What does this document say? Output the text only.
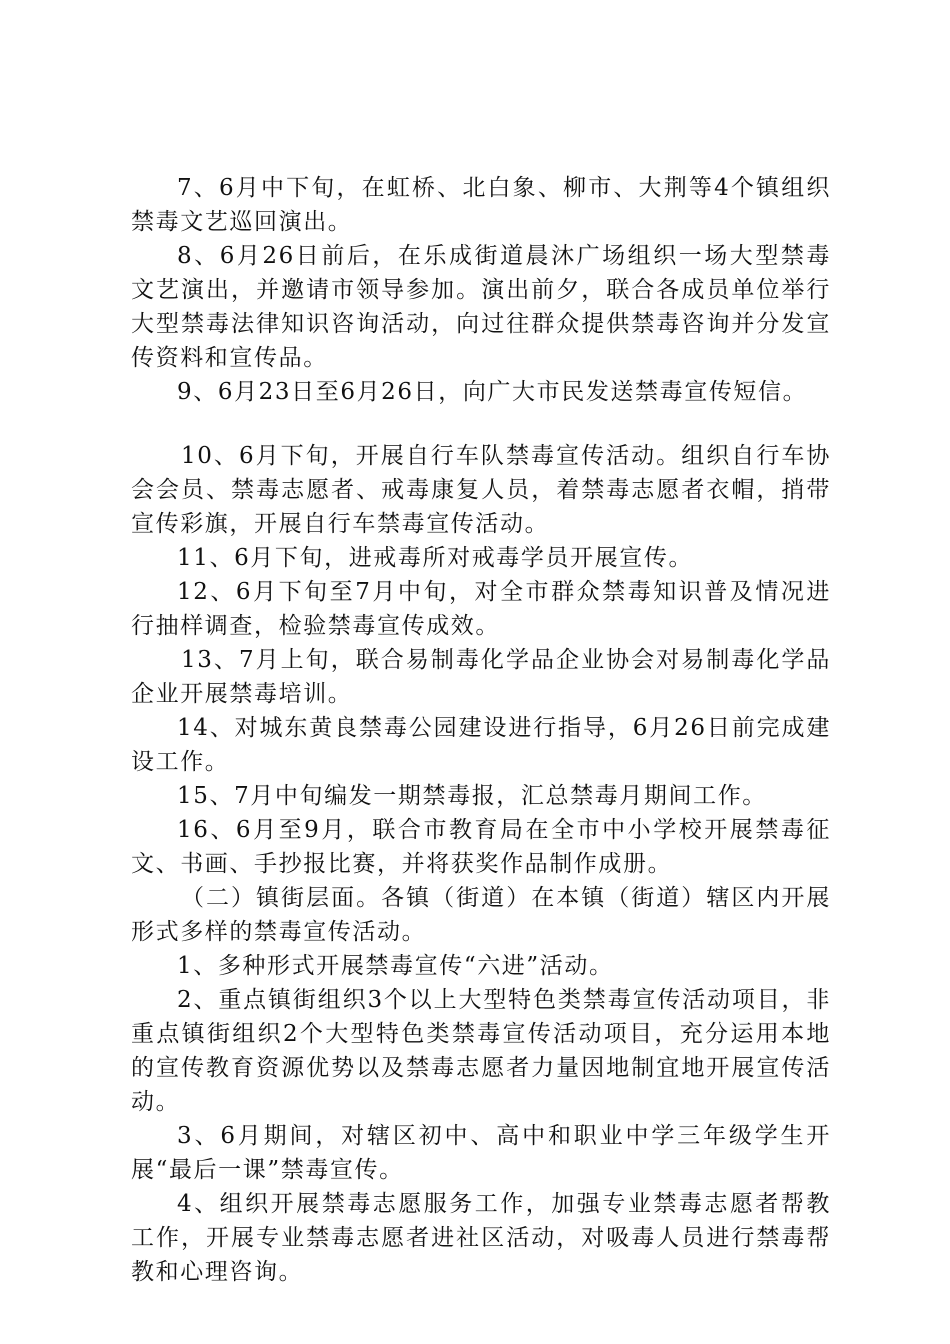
7、6月中下旬，在虹桥、北白象、柳市、大荆等4个镇组织禁毒文艺巡回演出。

8、6月26日前后，在乐成街道晨沐广场组织一场大型禁毒文艺演出，并邀请市领导参加。演出前夕，联合各成员单位举行大型禁毒法律知识咨询活动，向过往群众提供禁毒咨询并分发宣传资料和宣传品。

9、6月23日至6月26日，向广大市民发送禁毒宣传短信。

10、6月下旬，开展自行车队禁毒宣传活动。组织自行车协会会员、禁毒志愿者、戒毒康复人员，着禁毒志愿者衣帽，捎带宣传彩旗，开展自行车禁毒宣传活动。

11、6月下旬，进戒毒所对戒毒学员开展宣传。

12、6月下旬至7月中旬，对全市群众禁毒知识普及情况进行抽样调查，检验禁毒宣传成效。

13、7月上旬，联合易制毒化学品企业协会对易制毒化学品企业开展禁毒培训。

14、对城东黄良禁毒公园建设进行指导，6月26日前完成建设工作。

15、7月中旬编发一期禁毒报，汇总禁毒月期间工作。

16、6月至9月，联合市教育局在全市中小学校开展禁毒征文、书画、手抄报比赛，并将获奖作品制作成册。

（二）镇街层面。各镇（街道）在本镇（街道）辖区内开展形式多样的禁毒宣传活动。

1、多种形式开展禁毒宣传“六进”活动。

2、重点镇街组织3个以上大型特色类禁毒宣传活动项目，非重点镇街组织2个大型特色类禁毒宣传活动项目，充分运用本地的宣传教育资源优势以及禁毒志愿者力量因地制宜地开展宣传活动。

3、6月期间，对辖区初中、高中和职业中学三年级学生开展“最后一课”禁毒宣传。

4、组织开展禁毒志愿服务工作，加强专业禁毒志愿者帮教工作，开展专业禁毒志愿者进社区活动，对吸毒人员进行禁毒帮教和心理咨询。
